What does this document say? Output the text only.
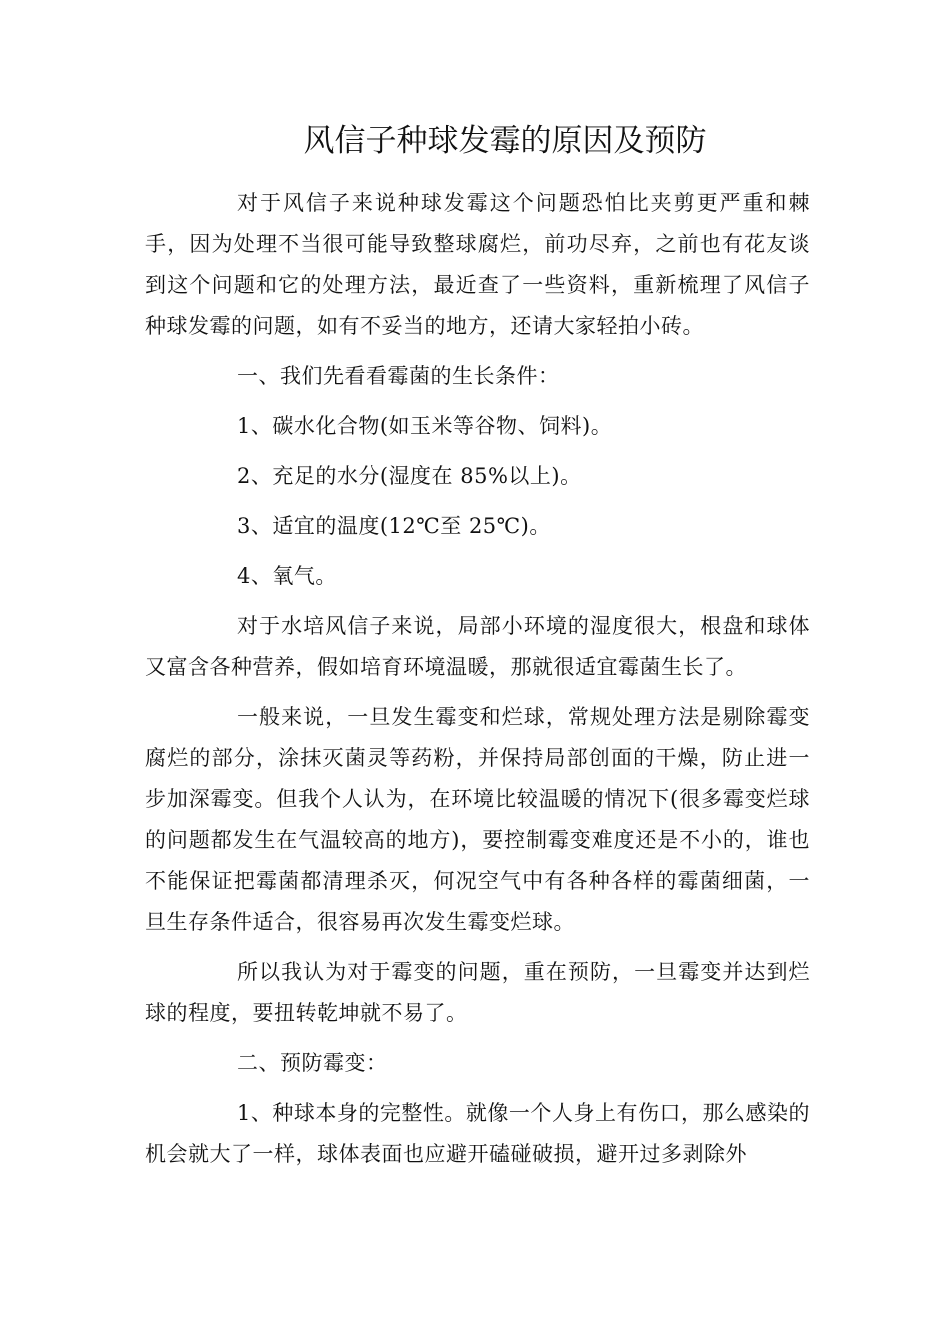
风信子种球发霉的原因及预防

对于风信子来说种球发霉这个问题恐怕比夹剪更严重和棘手，因为处理不当很可能导致整球腐烂，前功尽弃，之前也有花友谈到这个问题和它的处理方法，最近查了一些资料，重新梳理了风信子种球发霉的问题，如有不妥当的地方，还请大家轻拍小砖。

一、我们先看看霉菌的生长条件：

1、碳水化合物(如玉米等谷物、饲料)。

2、充足的水分(湿度在 85%以上)。

3、适宜的温度(12℃至 25℃)。

4、氧气。

对于水培风信子来说，局部小环境的湿度很大，根盘和球体又富含各种营养，假如培育环境温暖，那就很适宜霉菌生长了。

一般来说，一旦发生霉变和烂球，常规处理方法是剔除霉变腐烂的部分，涂抹灭菌灵等药粉，并保持局部创面的干燥，防止进一步加深霉变。但我个人认为，在环境比较温暖的情况下(很多霉变烂球的问题都发生在气温较高的地方)，要控制霉变难度还是不小的，谁也不能保证把霉菌都清理杀灭，何况空气中有各种各样的霉菌细菌，一旦生存条件适合，很容易再次发生霉变烂球。

所以我认为对于霉变的问题，重在预防，一旦霉变并达到烂球的程度，要扭转乾坤就不易了。

二、预防霉变：

1、种球本身的完整性。就像一个人身上有伤口，那么感染的机会就大了一样，球体表面也应避开磕碰破损，避开过多剥除外
